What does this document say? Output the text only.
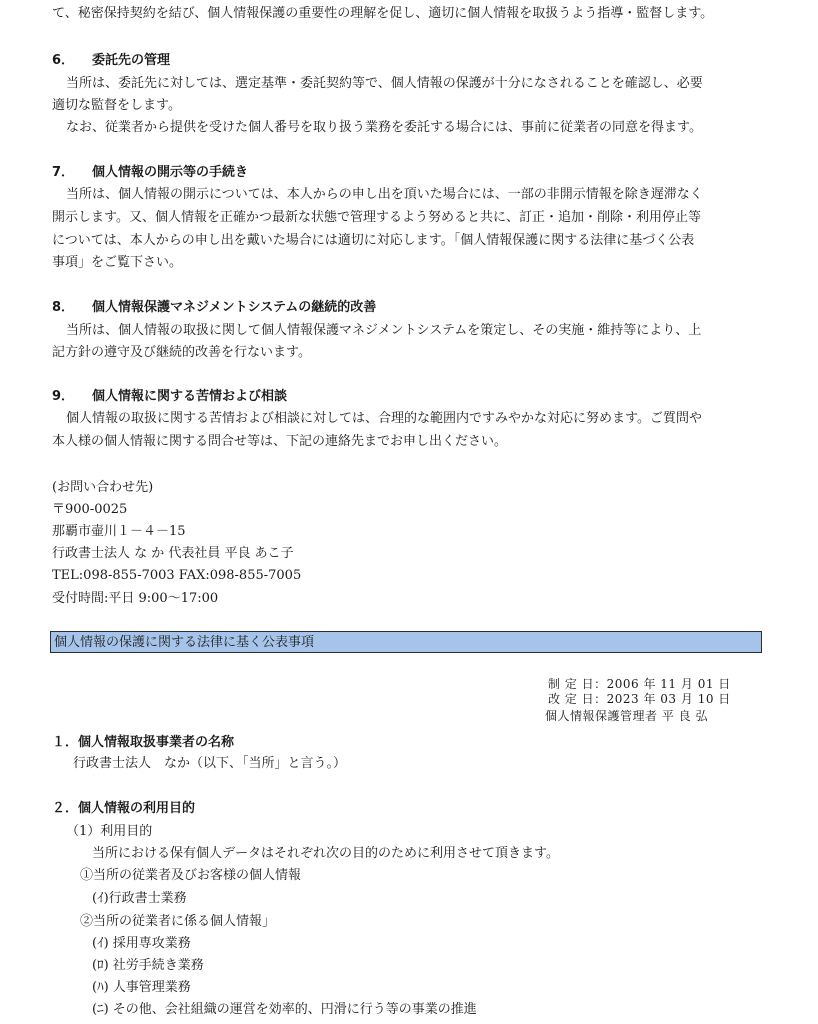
て、秘密保持契約を結び、個人情報保護の重要性の理解を促し、適切に個人情報を取扱うよう指導・監督します。
6． 委託先の管理
当所は、委託先に対しては、選定基準・委託契約等で、個人情報の保護が十分になされることを確認し、必要
適切な監督をします。
なお、従業者から提供を受けた個人番号を取り扱う業務を委託する場合には、事前に従業者の同意を得ます。
7． 個人情報の開示等の手続き
当所は、個人情報の開示については、本人からの申し出を頂いた場合には、一部の非開示情報を除き遅滞なく
開示します。又、個人情報を正確かつ最新な状態で管理するよう努めると共に、訂正・追加・削除・利用停止等
については、本人からの申し出を戴いた場合には適切に対応します。「個人情報保護に関する法律に基づく公表
事項」をご覧下さい。
8． 個人情報保護マネジメントシステムの継続的改善
当所は、個人情報の取扱に関して個人情報保護マネジメントシステムを策定し、その実施・維持等により、上
記方針の遵守及び継続的改善を行ないます。
9． 個人情報に関する苦情および相談
個人情報の取扱に関する苦情および相談に対しては、合理的な範囲内ですみやかな対応に努めます。ご質問や
本人様の個人情報に関する問合せ等は、下記の連絡先までお申し出ください。
(お問い合わせ先)
〒900-0025
那覇市壷川１－４－15
行政書士法人 な か 代表社員 平良 あこ子
TEL:098-855-7003 FAX:098-855-7005
受付時間:平日 9:00～17:00
個人情報の保護に関する法律に基く公表事項
制 定 日：2006 年 11 月 01 日
改 定 日：2023 年 03 月 10 日
個人情報保護管理者 平 良 弘
１．個人情報取扱事業者の名称
行政書士法人　なか（以下、「当所」と言う。）
２．個人情報の利用目的
（1）利用目的
当所における保有個人データはそれぞれ次の目的のために利用させて頂きます。
①当所の従業者及びお客様の個人情報
(ｲ)行政書士業務
②当所の従業者に係る個人情報」
(ｲ) 採用専攻業務
(ﾛ) 社労手続き業務
(ﾊ) 人事管理業務
(ﾆ) その他、会社組織の運営を効率的、円滑に行う等の事業の推進
